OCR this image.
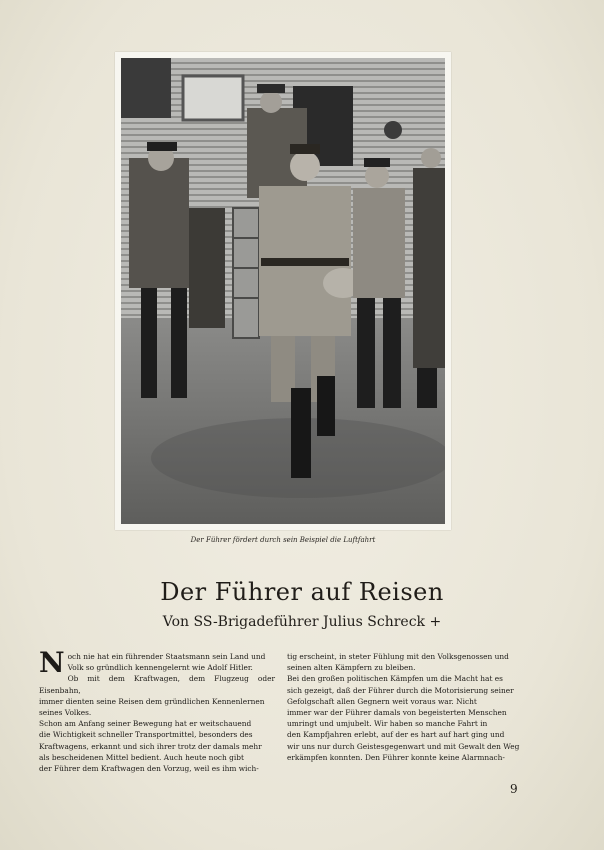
Der Führer fördert durch sein Beispiel die Luftfahrt
Der Führer auf Reisen
Von SS-Brigadeführer Julius Schreck +
N och nie hat ein führender Staatsmann sein Land und
Volk so gründlich kennengelernt wie Adolf Hitler.
Ob mit dem Kraftwagen, dem Flugzeug oder Eisenbahn,
immer dienten seine Reisen dem gründlichen Kennenlernen
seines Volkes.
Schon am Anfang seiner Bewegung hat er weitschauend
die Wichtigkeit schneller Transportmittel, besonders des
Kraftwagens, erkannt und sich ihrer trotz der damals mehr
als bescheidenen Mittel bedient. Auch heute noch gibt
der Führer dem Kraftwagen den Vorzug, weil es ihm wich-

tig erscheint, in steter Fühlung mit den Volksgenossen und
seinen alten Kämpfern zu bleiben.
Bei den großen politischen Kämpfen um die Macht hat es
sich gezeigt, daß der Führer durch die Motorisierung seiner
Gefolgschaft allen Gegnern weit voraus war. Nicht
immer war der Führer damals von begeisterten Menschen
umringt und umjubelt. Wir haben so manche Fahrt in
den Kampfjahren erlebt, auf der es hart auf hart ging und
wir uns nur durch Geistesgegenwart und mit Gewalt den Weg
erkämpfen konnten. Den Führer konnte keine Alarmnach-

9
